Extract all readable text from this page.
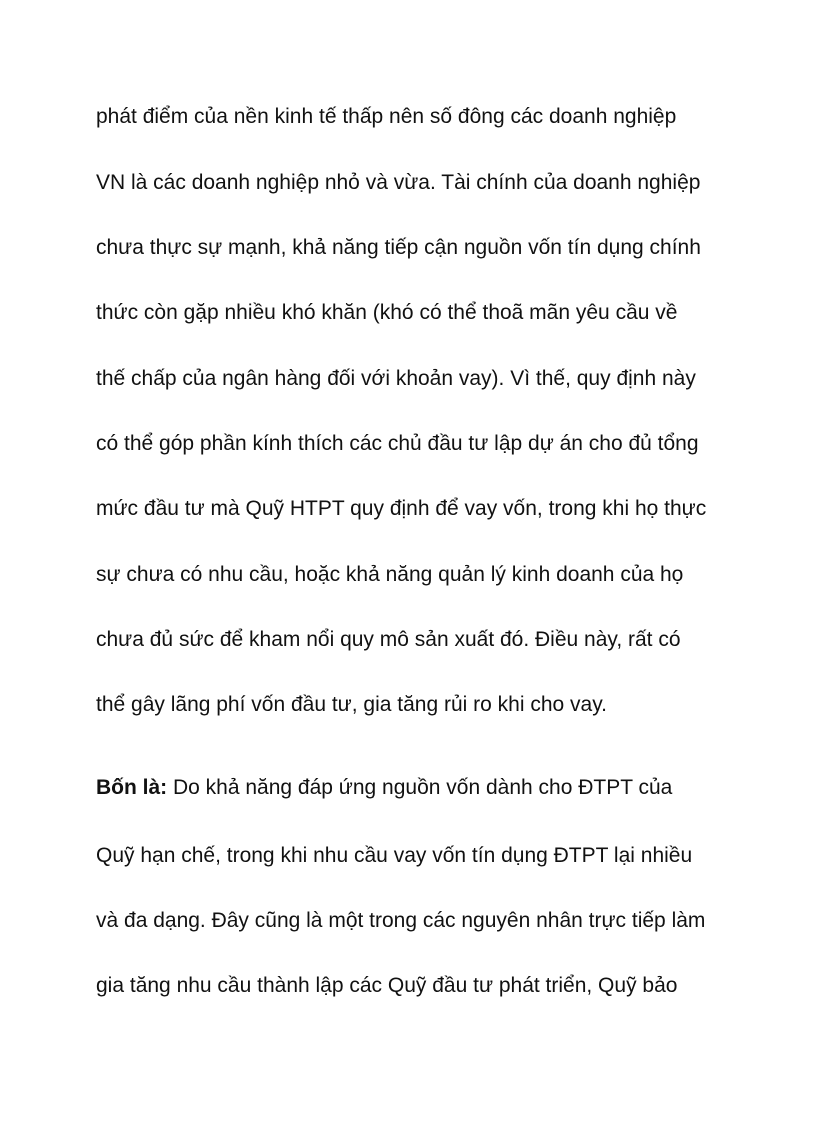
phát điểm của nền kinh tế thấp nên số đông các doanh nghiệp

VN là các doanh nghiệp nhỏ và vừa. Tài chính của doanh nghiệp

chưa thực sự mạnh, khả năng tiếp cận nguồn vốn tín dụng chính

thức còn gặp nhiều khó khăn (khó có thể thoã mãn yêu cầu về

thế chấp của ngân hàng đối với khoản vay). Vì thế, quy định này

có thể góp phần kính thích các chủ đầu tư lập dự án cho đủ tổng

mức đầu tư mà Quỹ HTPT quy định để vay vốn, trong khi họ thực

sự chưa có nhu cầu, hoặc khả năng quản lý kinh doanh của họ

chưa đủ sức để kham nổi quy mô sản xuất đó. Điều này, rất có

thể gây lãng phí vốn đầu tư, gia tăng rủi ro khi cho vay.

Bốn là: Do khả năng đáp ứng nguồn vốn dành cho ĐTPT của

Quỹ hạn chế, trong khi nhu cầu vay vốn tín dụng ĐTPT lại nhiều

và đa dạng. Đây cũng là một trong các nguyên nhân trực tiếp làm

gia tăng nhu cầu thành lập các Quỹ đầu tư phát triển, Quỹ bảo
